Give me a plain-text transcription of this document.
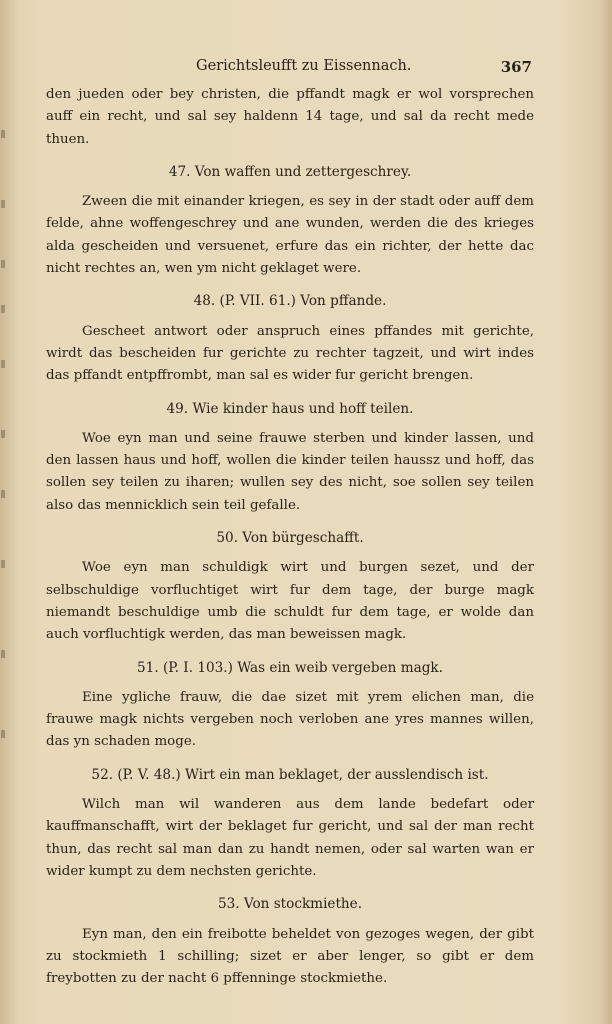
Gerichtsleufft zu Eissennach.	367

den jueden oder bey christen, die pffandt magk er wol vorsprechen auff ein recht, und sal sey haldenn 14 tage, und sal da recht mede thuen.

47. Von waffen und zettergeschrey.

Zween die mit einander kriegen, es sey in der stadt oder auff dem felde, ahne woffengeschrey und ane wunden, werden die des krieges alda gescheiden und versuenet, erfure das ein richter, der hette dac nicht rechtes an, wen ym nicht geklaget were.

48. (P. VII. 61.) Von pffande.

Gescheet antwort oder anspruch eines pffandes mit gerichte, wirdt das bescheiden fur gerichte zu rechter tagzeit, und wirt indes das pffandt entpffrombt, man sal es wider fur gericht brengen.

49. Wie kinder haus und hoff teilen.

Woe eyn man und seine frauwe sterben und kinder lassen, und den lassen haus und hoff, wollen die kinder teilen haussz und hoff, das sollen sey teilen zu iharen; wullen sey des nicht, soe sollen sey teilen also das mennicklich sein teil gefalle.

50. Von bürgeschafft.

Woe eyn man schuldigk wirt und burgen sezet, und der selbschuldige vorfluchtiget wirt fur dem tage, der burge magk niemandt beschuldige umb die schuldt fur dem tage, er wolde dan auch vorfluchtigk werden, das man beweissen magk.

51. (P. I. 103.) Was ein weib vergeben magk.

Eine ygliche frauw, die dae sizet mit yrem elichen man, die frauwe magk nichts vergeben noch verloben ane yres mannes willen, das yn schaden moge.

52. (P. V. 48.) Wirt ein man beklaget, der ausslendisch ist.

Wilch man wil wanderen aus dem lande bedefart oder kauffmanschafft, wirt der beklaget fur gericht, und sal der man recht thun, das recht sal man dan zu handt nemen, oder sal warten wan er wider kumpt zu dem nechsten gerichte.

53. Von stockmiethe.

Eyn man, den ein freibotte beheldet von gezoges wegen, der gibt zu stockmieth 1 schilling; sizet er aber lenger, so gibt er dem freybotten zu der nacht 6 pffenninge stockmiethe.
